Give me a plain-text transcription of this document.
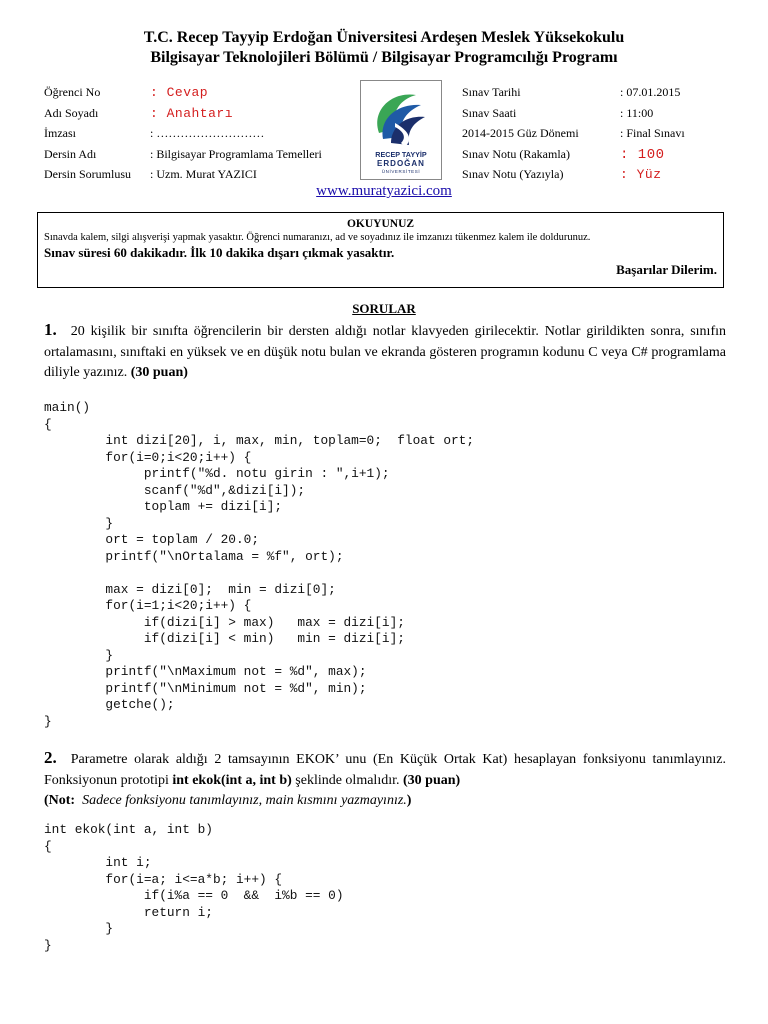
T.C. Recep Tayyip Erdoğan Üniversitesi Ardeşen Meslek Yüksekokulu
Bilgisayar Teknolojileri Bölümü / Bilgisayar Programcılığı Programı
Öğrenci No	: Cevap
Adı Soyadı	: Anahtarı
İmzası	: ………………………
Dersin Adı	: Bilgisayar Programlama Temelleri
Dersin Sorumlusu : Uzm. Murat YAZICI
RECEP TAYYİP
ERDOĞAN
ÜNİVERSİTESİ
Sınav Tarihi	: 07.01.2015
Sınav Saati	: 11:00
2014-2015 Güz Dönemi	: Final Sınavı
Sınav Notu (Rakamla)	: 100
Sınav Notu (Yazıyla)	: Yüz
www.muratyazici.com
OKUYUNUZ
Sınavda kalem, silgi alışverişi yapmak yasaktır. Öğrenci numaranızı, ad ve soyadınız ile imzanızı tükenmez kalem ile doldurunuz.
Sınav süresi 60 dakikadır. İlk 10 dakika dışarı çıkmak yasaktır.
Başarılar Dilerim.
SORULAR
1. 20 kişilik bir sınıfta öğrencilerin bir dersten aldığı notlar klavyeden girilecektir. Notlar girildikten sonra, sınıfın ortalamasını, sınıftaki en yüksek ve en düşük notu bulan ve ekranda gösteren programın kodunu C veya C# programlama diliyle yazınız. (30 puan)
main()
{
int dizi[20], i, max, min, toplam=0;  float ort;
for(i=0;i<20;i++) {
printf("%d. notu girin : ",i+1);
scanf("%d",&dizi[i]);
toplam += dizi[i];
}
ort = toplam / 20.0;
printf("\nOrtalama = %f", ort);

max = dizi[0];  min = dizi[0];
for(i=1;i<20;i++) {
if(dizi[i] > max)   max = dizi[i];
if(dizi[i] < min)   min = dizi[i];
}
printf("\nMaximum not = %d", max);
printf("\nMinimum not = %d", min);
getche();
}
2. Parametre olarak aldığı 2 tamsayının EKOK’ unu (En Küçük Ortak Kat) hesaplayan fonksiyonu tanımlayınız. Fonksiyonun prototipi int ekok(int a, int b) şeklinde olmalıdır. (30 puan)
(Not: Sadece fonksiyonu tanımlayınız, main kısmını yazmayınız.)
int ekok(int a, int b)
{
int i;
for(i=a; i<=a*b; i++) {
if(i%a == 0  &&  i%b == 0)
return i;
}
}
